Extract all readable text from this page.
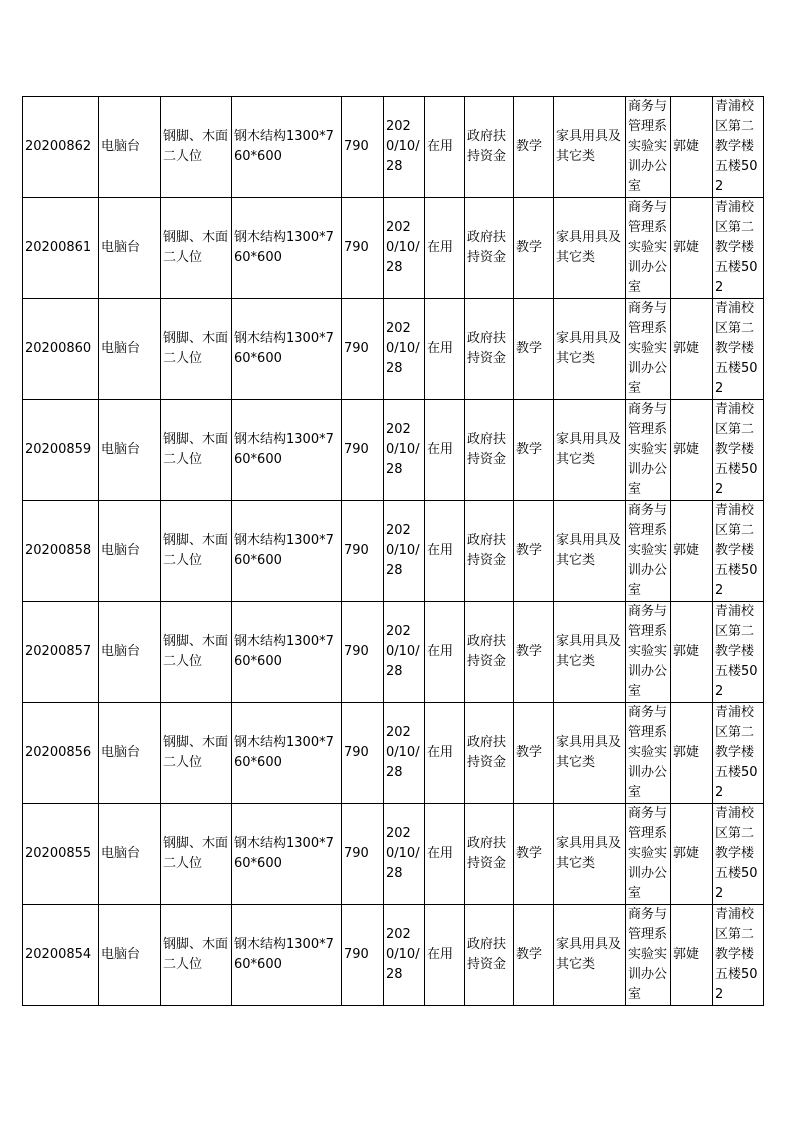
20200862	电脑台	钢脚、木面二人位	钢木结构1300*760*600	790	2020/10/28	在用	政府扶持资金	教学	家具用具及其它类	商务与管理系实验实训办公室	郭婕	青浦校区第二教学楼五楼502

20200861	电脑台	钢脚、木面二人位	钢木结构1300*760*600	790	2020/10/28	在用	政府扶持资金	教学	家具用具及其它类	商务与管理系实验实训办公室	郭婕	青浦校区第二教学楼五楼502

20200860	电脑台	钢脚、木面二人位	钢木结构1300*760*600	790	2020/10/28	在用	政府扶持资金	教学	家具用具及其它类	商务与管理系实验实训办公室	郭婕	青浦校区第二教学楼五楼502

20200859	电脑台	钢脚、木面二人位	钢木结构1300*760*600	790	2020/10/28	在用	政府扶持资金	教学	家具用具及其它类	商务与管理系实验实训办公室	郭婕	青浦校区第二教学楼五楼502

20200858	电脑台	钢脚、木面二人位	钢木结构1300*760*600	790	2020/10/28	在用	政府扶持资金	教学	家具用具及其它类	商务与管理系实验实训办公室	郭婕	青浦校区第二教学楼五楼502

20200857	电脑台	钢脚、木面二人位	钢木结构1300*760*600	790	2020/10/28	在用	政府扶持资金	教学	家具用具及其它类	商务与管理系实验实训办公室	郭婕	青浦校区第二教学楼五楼502

20200856	电脑台	钢脚、木面二人位	钢木结构1300*760*600	790	2020/10/28	在用	政府扶持资金	教学	家具用具及其它类	商务与管理系实验实训办公室	郭婕	青浦校区第二教学楼五楼502

20200855	电脑台	钢脚、木面二人位	钢木结构1300*760*600	790	2020/10/28	在用	政府扶持资金	教学	家具用具及其它类	商务与管理系实验实训办公室	郭婕	青浦校区第二教学楼五楼502

20200854	电脑台	钢脚、木面二人位	钢木结构1300*760*600	790	2020/10/28	在用	政府扶持资金	教学	家具用具及其它类	商务与管理系实验实训办公室	郭婕	青浦校区第二教学楼五楼502
